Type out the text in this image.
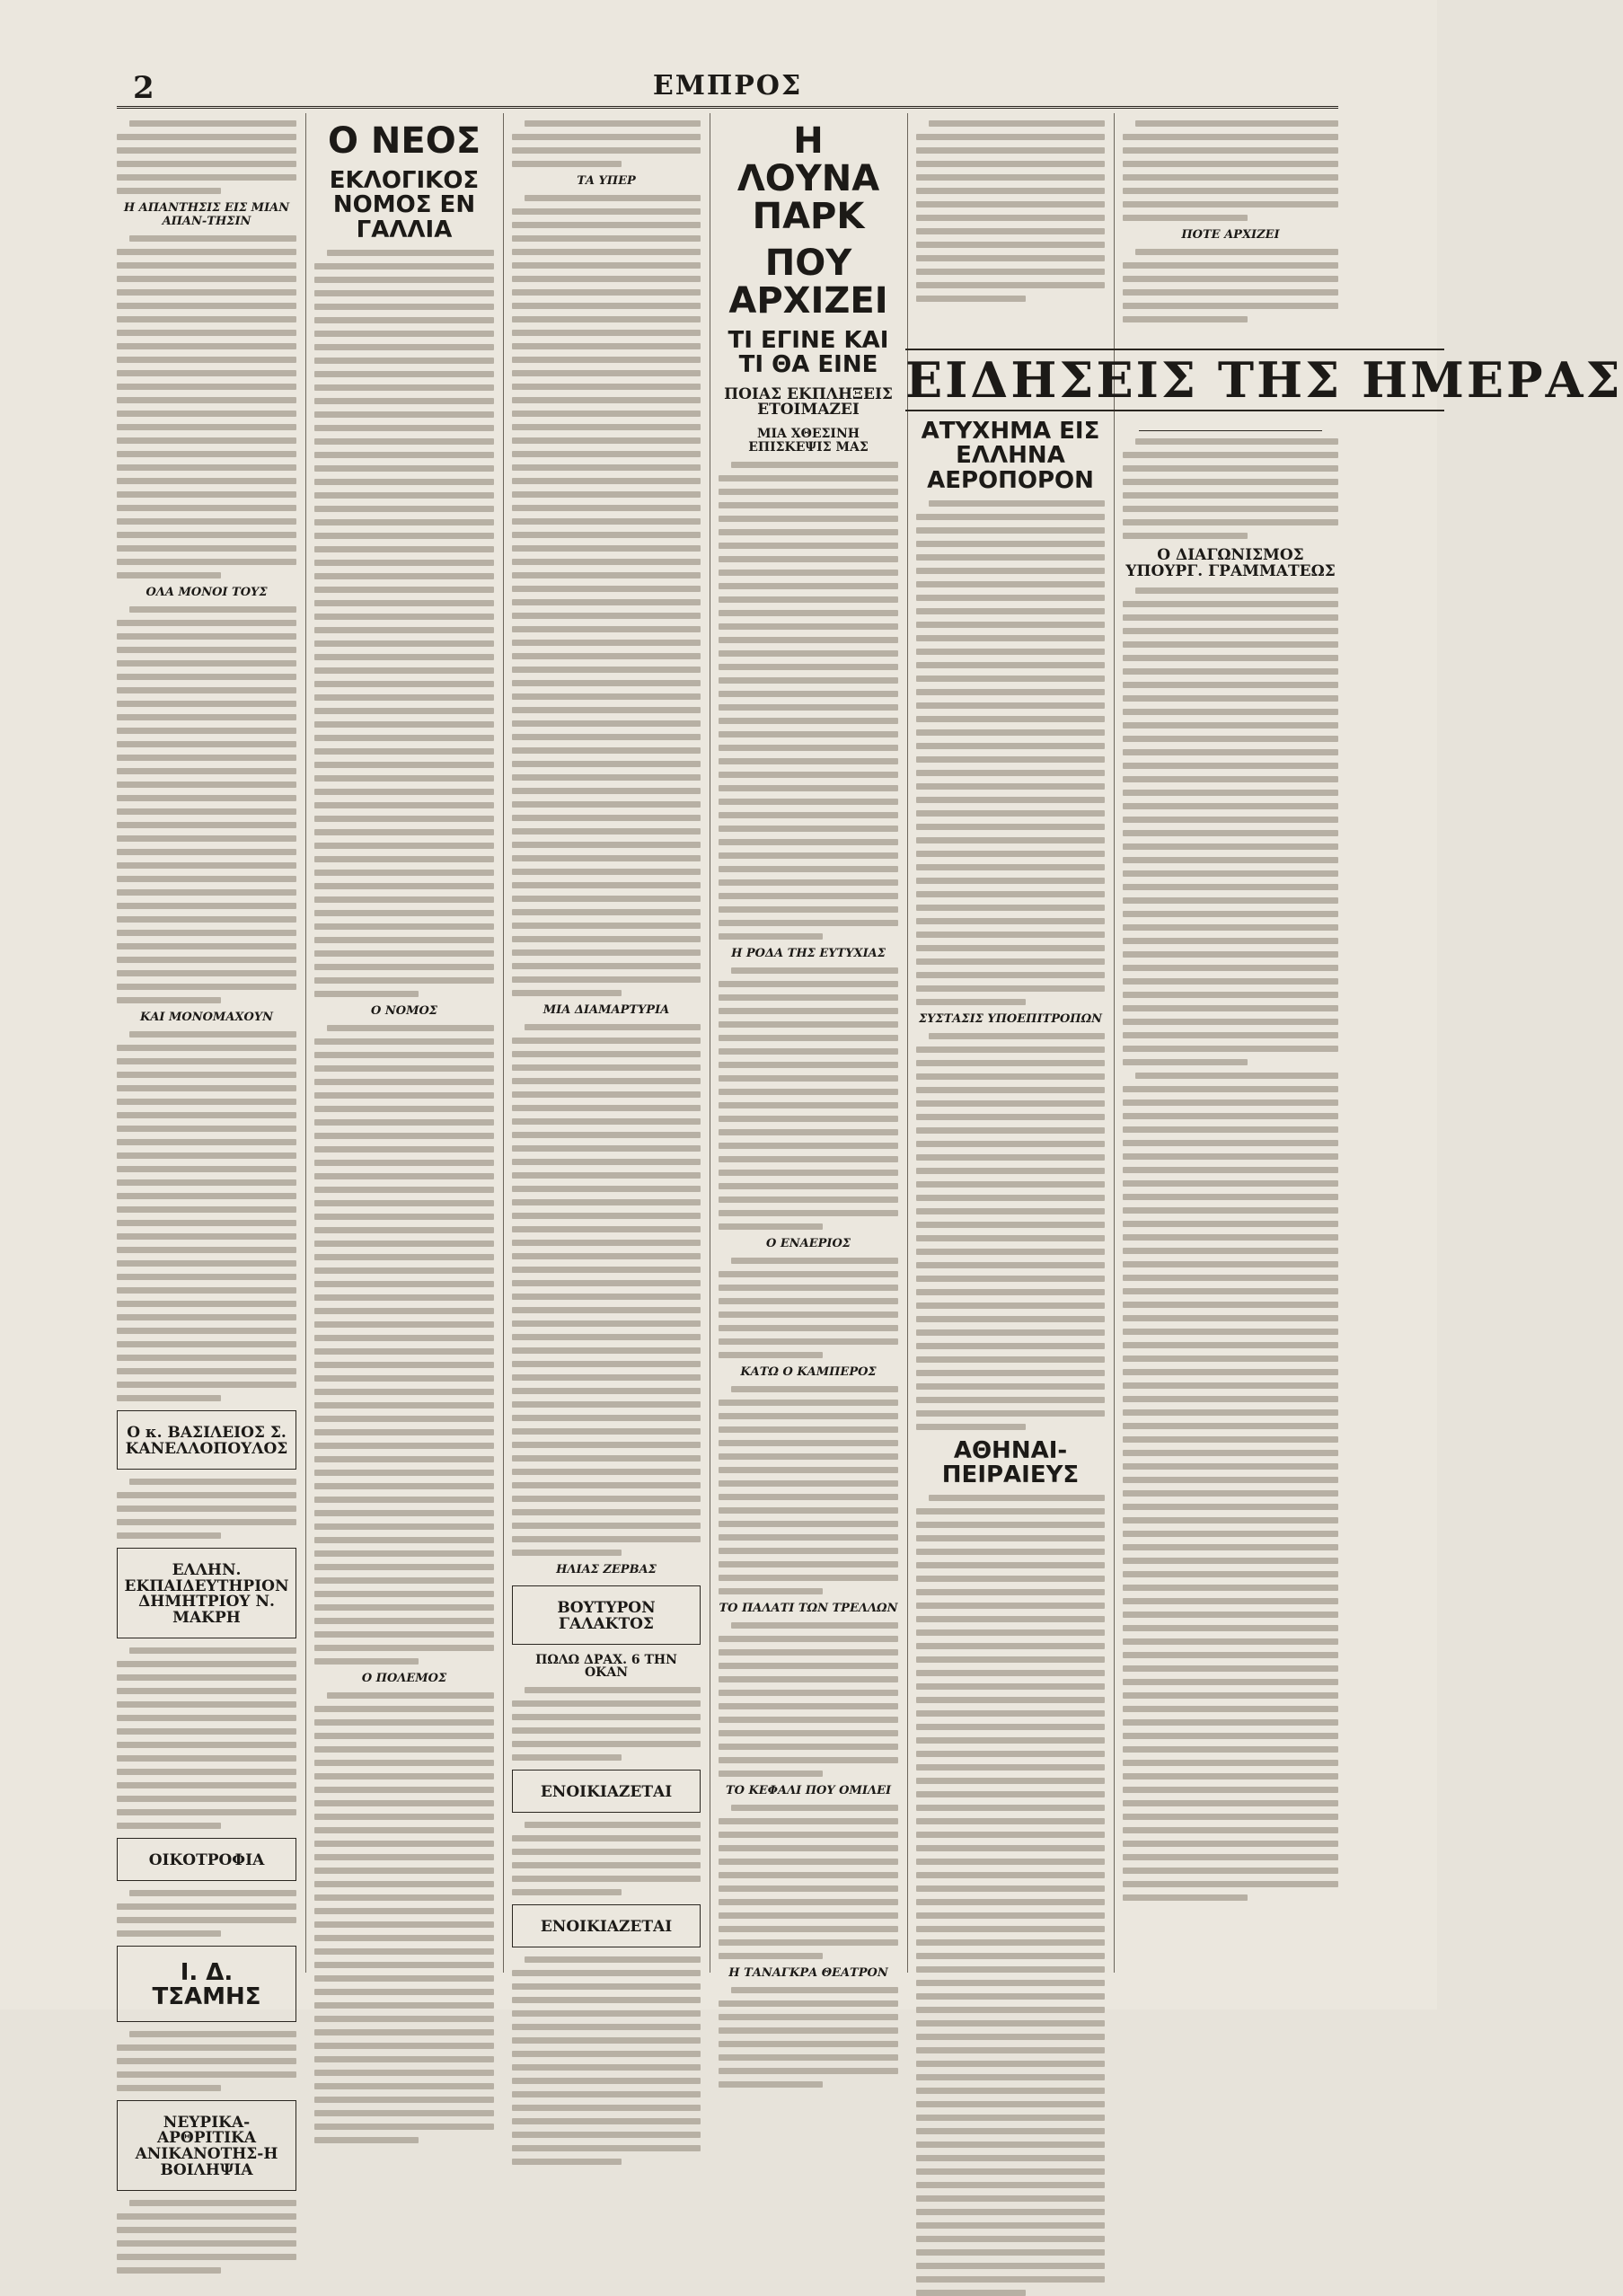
2	ΕΜΠΡΟΣ
Η ΑΠΑΝΤΗΣΙΣ ΕΙΣ ΜΙΑΝ ΑΠΑΝ-ΤΗΣΙΝ
ΟΛΑ ΜΟΝΟΙ ΤΟΥΣ
ΚΑΙ ΜΟΝΟΜΑΧΟΥΝ
Ο κ. ΒΑΣΙΛΕΙΟΣ Σ. ΚΑΝΕΛΛΟΠΟΥΛΟΣ
ΕΛΛΗΝ. ΕΚΠΑΙΔΕΥΤΗΡΙΟΝ ΔΗΜΗΤΡΙΟΥ Ν. ΜΑΚΡΗ
ΟΙΚΟΤΡΟΦΙΑ
Ι. Δ. ΤΣΑΜΗΣ
ΝΕΥΡΙΚΑ-ΑΡΘΡΙΤΙΚΑ ΑΝΙΚΑΝΟΤΗΣ-Η ΒΟΙΛΗΨΙΑ
Ο ΝΕΟΣ
ΕΚΛΟΓΙΚΟΣ ΝΟΜΟΣ ΕΝ ΓΑΛΛΙΑ
Ο ΝΟΜΟΣ
Ο ΠΟΛΕΜΟΣ
ΤΑ ΥΠΕΡ
ΜΙΑ ΔΙΑΜΑΡΤΥΡΙΑ
ΗΛΙΑΣ ΖΕΡΒΑΣ
ΒΟΥΤΥΡΟΝ ΓΑΛΑΚΤΟΣ
ΠΩΛΩ ΔΡΑΧ. 6 ΤΗΝ ΟΚΑΝ
ΕΝΟΙΚΙΑΖΕΤΑΙ
ΕΝΟΙΚΙΑΖΕΤΑΙ
Η ΛΟΥΝΑ ΠΑΡΚ
ΠΟΥ ΑΡΧΙΖΕΙ
ΤΙ ΕΓΙΝΕ ΚΑΙ ΤΙ ΘΑ ΕΙΝΕ
ΠΟΙΑΣ ΕΚΠΛΗΞΕΙΣ ΕΤΟΙΜΑΖΕΙ
ΜΙΑ ΧΘΕΣΙΝΗ ΕΠΙΣΚΕΨΙΣ ΜΑΣ
Η ΡΟΔΑ ΤΗΣ ΕΥΤΥΧΙΑΣ
Ο ΕΝΑΕΡΙΟΣ
ΚΑΤΩ Ο ΚΑΜΠΕΡΟΣ
ΤΟ ΠΑΛΑΤΙ ΤΩΝ ΤΡΕΛΛΩΝ
ΤΟ ΚΕΦΑΛΙ ΠΟΥ ΟΜΙΛΕΙ
Η ΤΑΝΑΓΚΡΑ ΘΕΑΤΡΟΝ
ΑΤΥΧΗΜΑ ΕΙΣ ΕΛΛΗΝΑ ΑΕΡΟΠΟΡΟΝ
ΣΥΣΤΑΣΙΣ ΥΠΟΕΠΙΤΡΟΠΩΝ
ΑΘΗΝΑΙ-ΠΕΙΡΑΙΕΥΣ
ΠΟΤΕ ΑΡΧΙΖΕΙ
Ο ΔΙΑΓΩΝΙΣΜΟΣ ΥΠΟΥΡΓ. ΓΡΑΜΜΑΤΕΩΣ
ΕΙΔΗΣΕΙΣ ΤΗΣ ΗΜΕΡΑΣ
